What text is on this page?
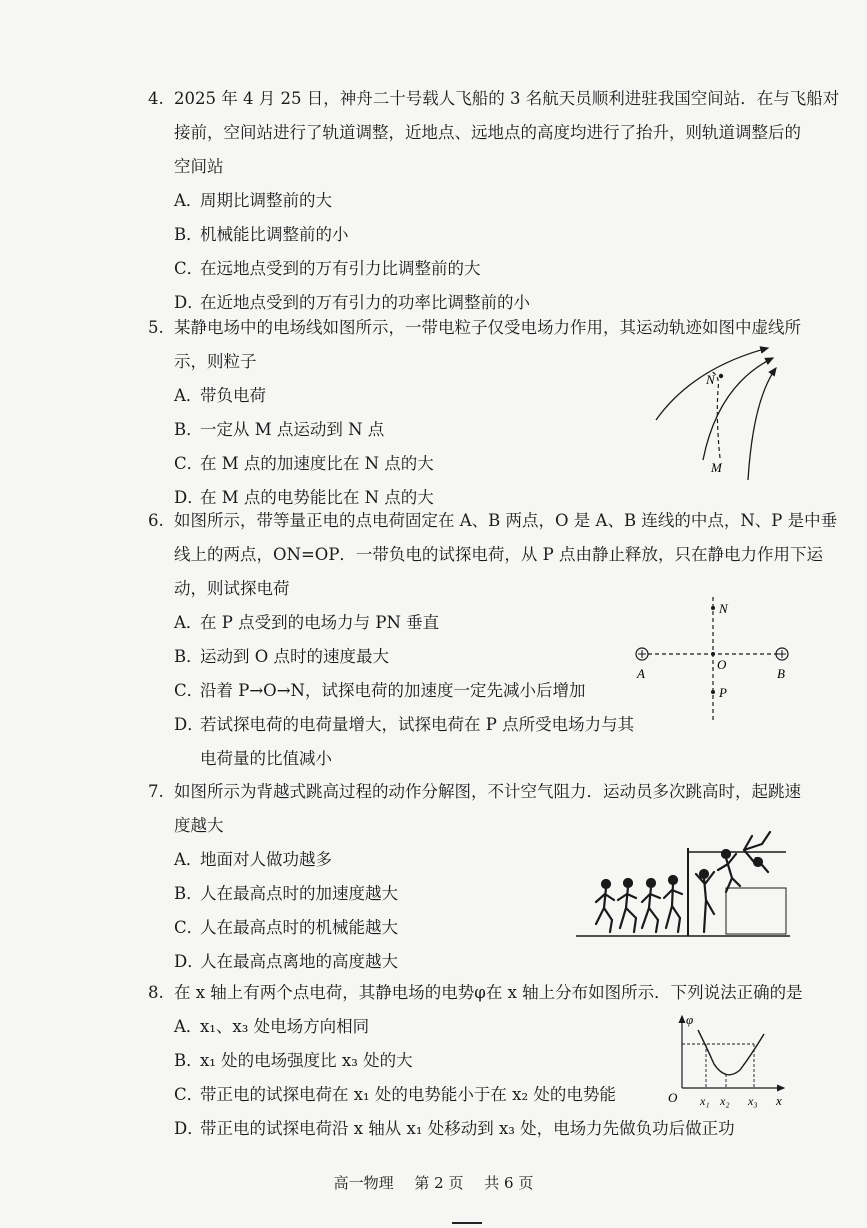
4. 2025 年 4 月 25 日，神舟二十号载人飞船的 3 名航天员顺利进驻我国空间站．在与飞船对
接前，空间站进行了轨道调整，近地点、远地点的高度均进行了抬升，则轨道调整后的
空间站
A．周期比调整前的大
B．机械能比调整前的小
C．在远地点受到的万有引力比调整前的大
D．在近地点受到的万有引力的功率比调整前的小
5. 某静电场中的电场线如图所示，一带电粒子仅受电场力作用，其运动轨迹如图中虚线所
示，则粒子
A．带负电荷
B．一定从 M 点运动到 N 点
C．在 M 点的加速度比在 N 点的大
D．在 M 点的电势能比在 N 点的大
N
M
6. 如图所示，带等量正电的点电荷固定在 A、B 两点，O 是 A、B 连线的中点，N、P 是中垂
线上的两点，ON=OP．一带负电的试探电荷，从 P 点由静止释放，只在静电力作用下运
动，则试探电荷
A．在 P 点受到的电场力与 PN 垂直
B．运动到 O 点时的速度最大
C．沿着 P→O→N，试探电荷的加速度一定先减小后增加
D．若试探电荷的电荷量增大，试探电荷在 P 点所受电场力与其
电荷量的比值减小
N
A
O
B
P
7. 如图所示为背越式跳高过程的动作分解图，不计空气阻力．运动员多次跳高时，起跳速
度越大
A．地面对人做功越多
B．人在最高点时的加速度越大
C．人在最高点时的机械能越大
D．人在最高点离地的高度越大
8. 在 x 轴上有两个点电荷，其静电场的电势φ在 x 轴上分布如图所示．下列说法正确的是
A．x₁、x₃ 处电场方向相同
B．x₁ 处的电场强度比 x₃ 处的大
C．带正电的试探电荷在 x₁ 处的电势能小于在 x₂ 处的电势能
D．带正电的试探电荷沿 x 轴从 x₁ 处移动到 x₃ 处，电场力先做负功后做正功
φ
O x₁ x₂ x₃ x
高一物理 第 2 页 共 6 页
